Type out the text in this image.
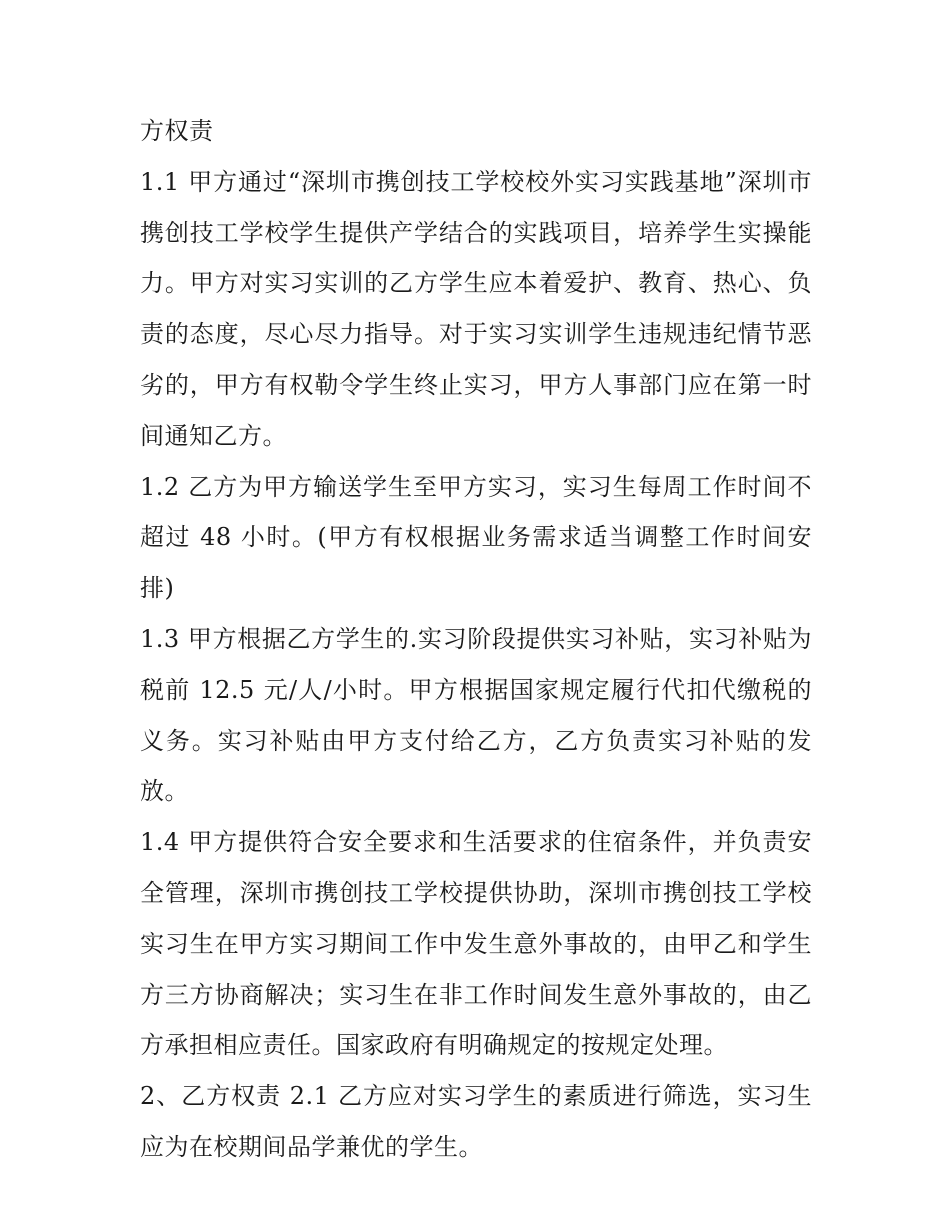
方权责

1.1 甲方通过“深圳市携创技工学校校外实习实践基地”深圳市携创技工学校学生提供产学结合的实践项目，培养学生实操能力。甲方对实习实训的乙方学生应本着爱护、教育、热心、负责的态度，尽心尽力指导。对于实习实训学生违规违纪情节恶劣的，甲方有权勒令学生终止实习，甲方人事部门应在第一时间通知乙方。

1.2 乙方为甲方输送学生至甲方实习，实习生每周工作时间不超过 48 小时。(甲方有权根据业务需求适当调整工作时间安排)

1.3 甲方根据乙方学生的.实习阶段提供实习补贴，实习补贴为税前 12.5 元/人/小时。甲方根据国家规定履行代扣代缴税的义务。实习补贴由甲方支付给乙方，乙方负责实习补贴的发放。

1.4 甲方提供符合安全要求和生活要求的住宿条件，并负责安全管理，深圳市携创技工学校提供协助，深圳市携创技工学校实习生在甲方实习期间工作中发生意外事故的，由甲乙和学生方三方协商解决；实习生在非工作时间发生意外事故的，由乙方承担相应责任。国家政府有明确规定的按规定处理。

2、乙方权责 2.1 乙方应对实习学生的素质进行筛选，实习生应为在校期间品学兼优的学生。
